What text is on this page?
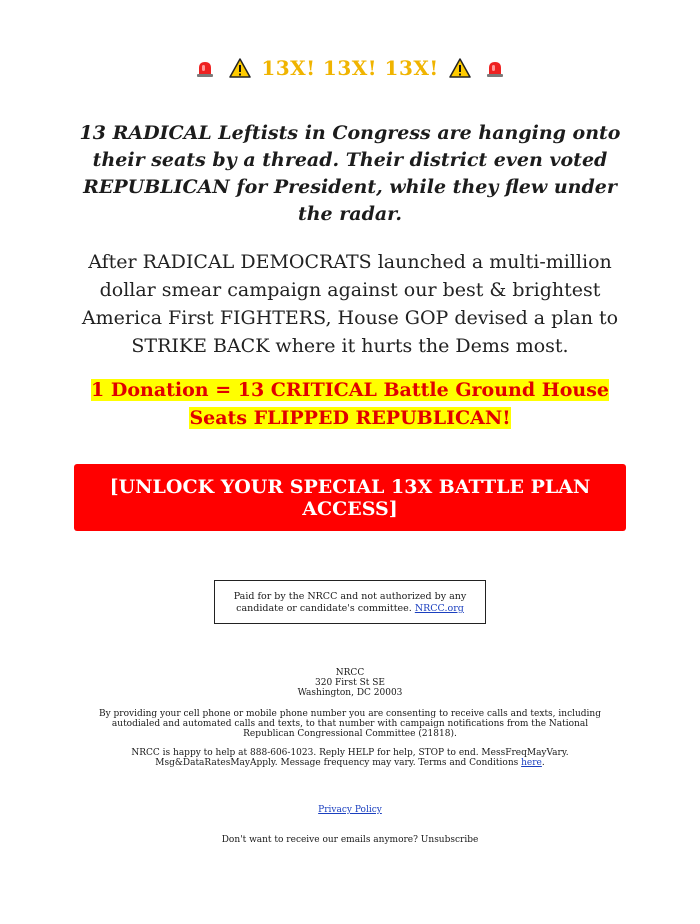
13X! 13X! 13X!
13 RADICAL Leftists in Congress are hanging onto their seats by a thread. Their district even voted REPUBLICAN for President, while they flew under the radar.
After RADICAL DEMOCRATS launched a multi-million dollar smear campaign against our best & brightest America First FIGHTERS, House GOP devised a plan to STRIKE BACK where it hurts the Dems most.
1 Donation = 13 CRITICAL Battle Ground House Seats FLIPPED REPUBLICAN!
[UNLOCK YOUR SPECIAL 13X BATTLE PLAN ACCESS]
Paid for by the NRCC and not authorized by any candidate or candidate's committee. NRCC.org
NRCC
320 First St SE
Washington, DC 20003
By providing your cell phone or mobile phone number you are consenting to receive calls and texts, including autodialed and automated calls and texts, to that number with campaign notifications from the National Republican Congressional Committee (21818).
NRCC is happy to help at 888-606-1023. Reply HELP for help, STOP to end. MessFreqMayVary. Msg&DataRatesMayApply. Message frequency may vary. Terms and Conditions here.
Privacy Policy
Don't want to receive our emails anymore? Unsubscribe
